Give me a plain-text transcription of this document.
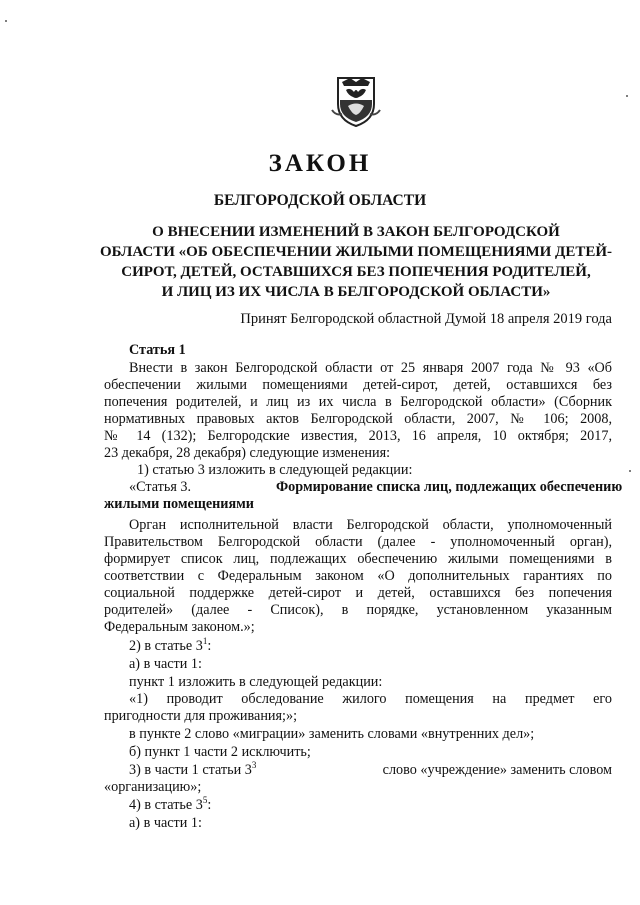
ЗАКОН
БЕЛГОРОДСКОЙ ОБЛАСТИ
О ВНЕСЕНИИ ИЗМЕНЕНИЙ В ЗАКОН БЕЛГОРОДСКОЙ
ОБЛАСТИ «ОБ ОБЕСПЕЧЕНИИ ЖИЛЫМИ ПОМЕЩЕНИЯМИ ДЕТЕЙ-
СИРОТ, ДЕТЕЙ, ОСТАВШИХСЯ БЕЗ ПОПЕЧЕНИЯ РОДИТЕЛЕЙ,
И ЛИЦ ИЗ ИХ ЧИСЛА В БЕЛГОРОДСКОЙ ОБЛАСТИ»
Принят Белгородской областной Думой 18 апреля 2019 года
Статья 1
Внести в закон Белгородской области от 25 января 2007 года № 93 «Об
обеспечении жилыми помещениями детей-сирот, детей, оставшихся без
попечения родителей, и лиц из их числа в Белгородской области» (Сборник
нормативных правовых актов Белгородской области, 2007, № 106; 2008,
№ 14 (132); Белгородские известия, 2013, 16 апреля, 10 октября; 2017,
23 декабря, 28 декабря) следующие изменения:
1) статью 3 изложить в следующей редакции:
«Статья 3.	Формирование списка лиц, подлежащих обеспечению
жилыми помещениями
Орган исполнительной власти Белгородской области, уполномоченный
Правительством Белгородской области (далее - уполномоченный орган),
формирует список лиц, подлежащих обеспечению жилыми помещениями в
соответствии с Федеральным законом «О дополнительных гарантиях по
социальной поддержке детей-сирот и детей, оставшихся без попечения
родителей» (далее - Список), в порядке, установленном указанным
Федеральным законом.»;
2) в статье $3^1$:
а) в части 1:
пункт 1 изложить в следующей редакции:
«1) проводит обследование жилого помещения на предмет его
пригодности для проживания;»;
в пункте 2 слово «миграции» заменить словами «внутренних дел»;
б) пункт 1 части 2 исключить;
3) в части 1 статьи $3^3$	слово «учреждение» заменить словом
«организацию»;
4) в статье $3^5$:
а) в части 1:
